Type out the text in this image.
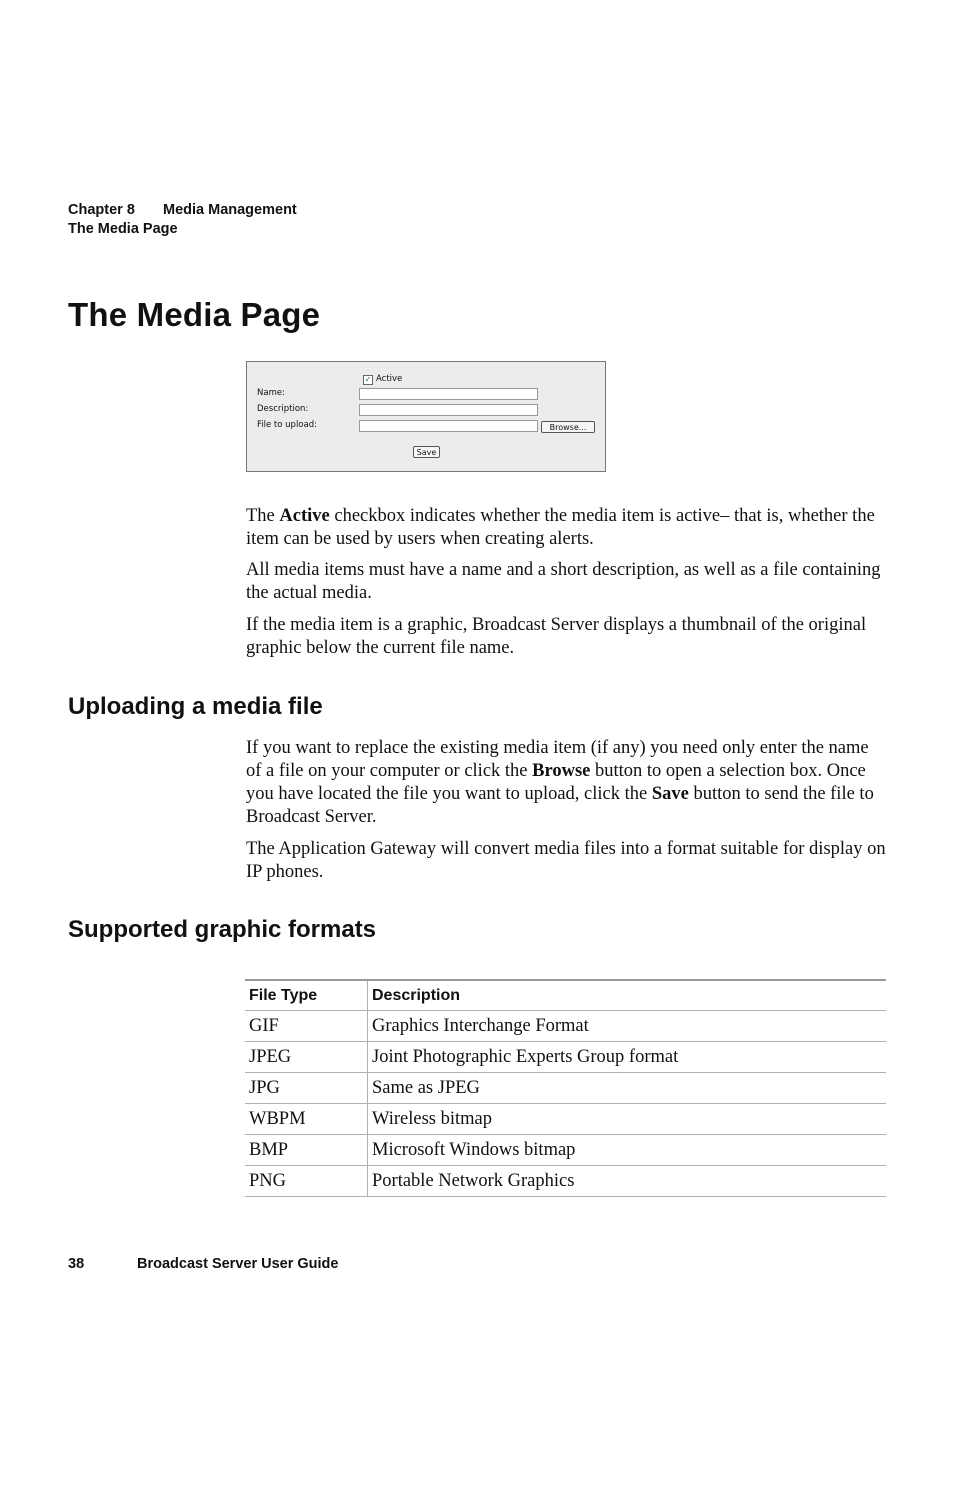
Chapter 8 Media Management
The Media Page
The Media Page
✓ Active
Name:
Description:
File to upload:	Browse...
Save

The Active checkbox indicates whether the media item is active– that is, whether the item can be used by users when creating alerts.

All media items must have a name and a short description, as well as a file containing the actual media.

If the media item is a graphic, Broadcast Server displays a thumbnail of the original graphic below the current file name.

Uploading a media file

If you want to replace the existing media item (if any) you need only enter the name of a file on your computer or click the Browse button to open a selection box. Once you have located the file you want to upload, click the Save button to send the file to Broadcast Server.

The Application Gateway will convert media files into a format suitable for display on IP phones.

Supported graphic formats
File Type	Description
GIF	Graphics Interchange Format
JPEG	Joint Photographic Experts Group format
JPG	Same as JPEG
WBPM	Wireless bitmap
BMP	Microsoft Windows bitmap
PNG	Portable Network Graphics
38	Broadcast Server User Guide
